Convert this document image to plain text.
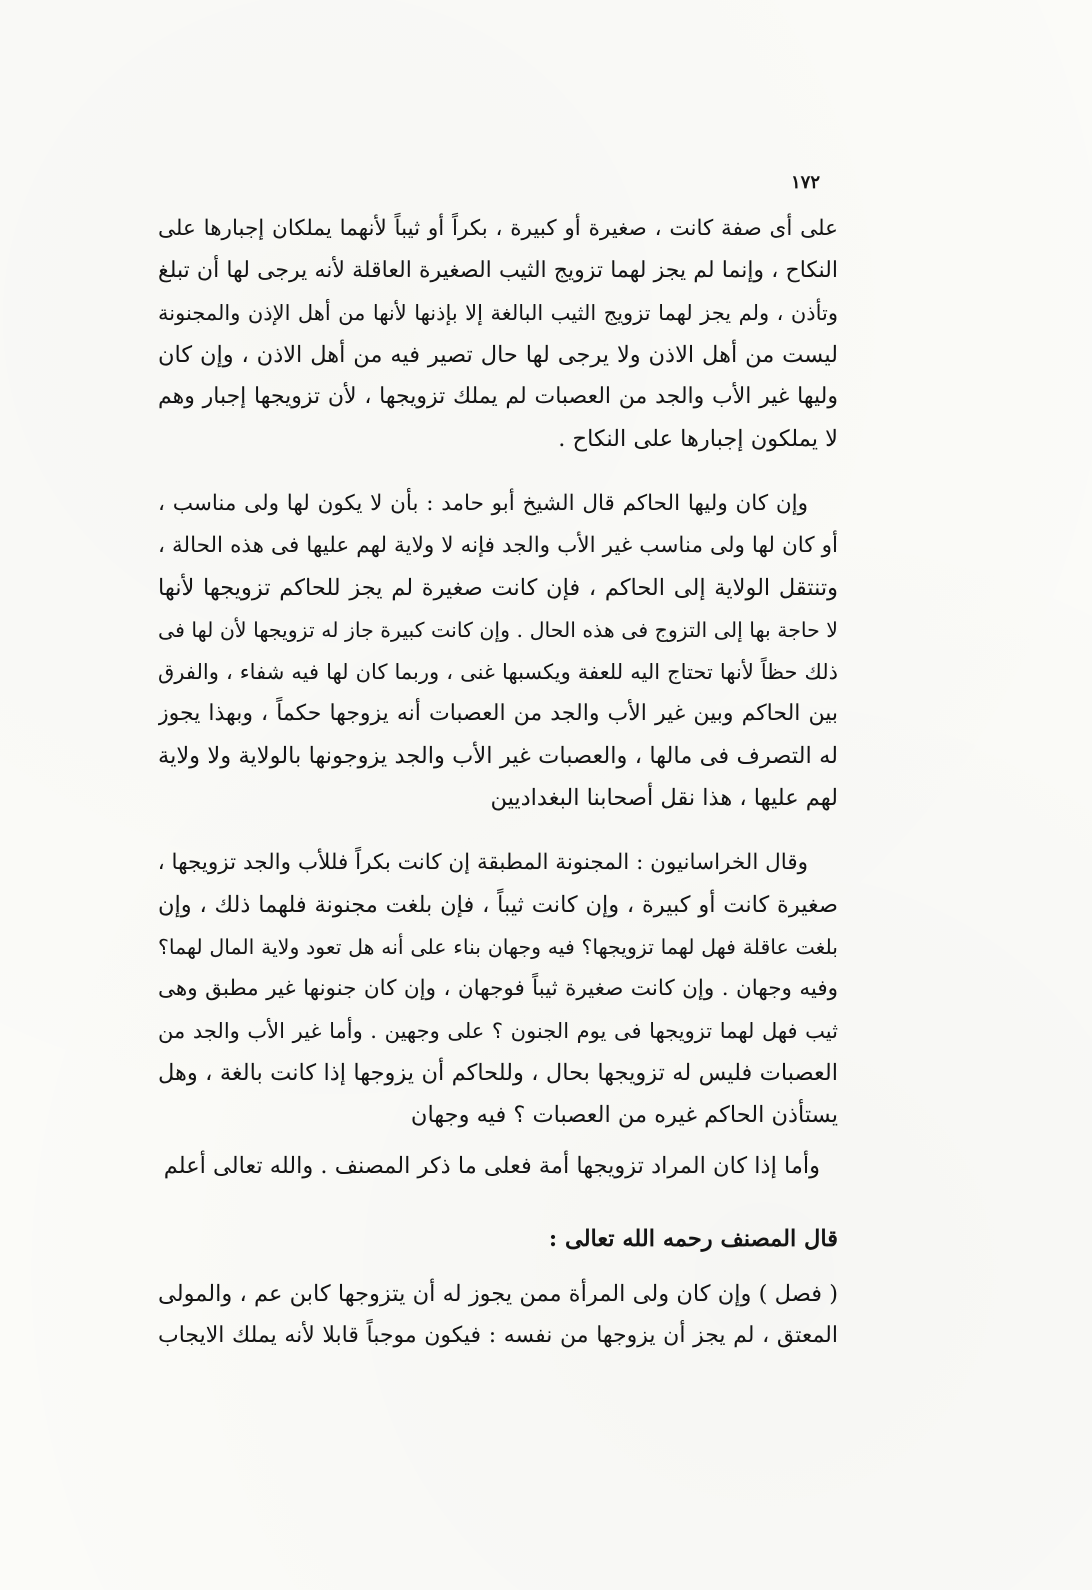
١٧٢
على أى صفة كانت ، صغيرة أو كبيرة ، بكراً أو ثيباً لأنهما يملكان إجبارها على
النكاح ، وإنما لم يجز لهما تزويج الثيب الصغيرة العاقلة لأنه يرجى لها أن تبلغ
وتأذن ، ولم يجز لهما تزويج الثيب البالغة إلا بإذنها لأنها من أهل الإذن والمجنونة
ليست من أهل الاذن ولا يرجى لها حال تصير فيه من أهل الاذن ، وإن كان
وليها غير الأب والجد من العصبات لم يملك تزويجها ، لأن تزويجها إجبار وهم
لا يملكون إجبارها على النكاح .
وإن كان وليها الحاكم قال الشيخ أبو حامد : بأن لا يكون لها ولى مناسب ،
أو كان لها ولى مناسب غير الأب والجد فإنه لا ولاية لهم عليها فى هذه الحالة ،
وتنتقل الولاية إلى الحاكم ، فإن كانت صغيرة لم يجز للحاكم تزويجها لأنها
لا حاجة بها إلى التزوج فى هذه الحال . وإن كانت كبيرة جاز له تزويجها لأن لها فى
ذلك حظاً لأنها تحتاج اليه للعفة ويكسبها غنى ، وربما كان لها فيه شفاء ، والفرق
بين الحاكم وبين غير الأب والجد من العصبات أنه يزوجها حكماً ، وبهذا يجوز
له التصرف فى مالها ، والعصبات غير الأب والجد يزوجونها بالولاية ولا ولاية
لهم عليها ، هذا نقل أصحابنا البغداديين
وقال الخراسانيون : المجنونة المطبقة إن كانت بكراً فللأب والجد تزويجها ،
صغيرة كانت أو كبيرة ، وإن كانت ثيباً ، فإن بلغت مجنونة فلهما ذلك ، وإن
بلغت عاقلة فهل لهما تزويجها؟ فيه وجهان بناء على أنه هل تعود ولاية المال لهما؟
وفيه وجهان . وإن كانت صغيرة ثيباً فوجهان ، وإن كان جنونها غير مطبق وهى
ثيب فهل لهما تزويجها فى يوم الجنون ؟ على وجهين . وأما غير الأب والجد من
العصبات فليس له تزويجها بحال ، وللحاكم أن يزوجها إذا كانت بالغة ، وهل
يستأذن الحاكم غيره من العصبات ؟ فيه وجهان
وأما إذا كان المراد تزويجها أمة فعلى ما ذكر المصنف . والله تعالى أعلم
قال المصنف رحمه الله تعالى :
( فصل ) وإن كان ولى المرأة ممن يجوز له أن يتزوجها كابن عم ، والمولى
المعتق ، لم يجز أن يزوجها من نفسه : فيكون موجباً قابلا لأنه يملك الايجاب
